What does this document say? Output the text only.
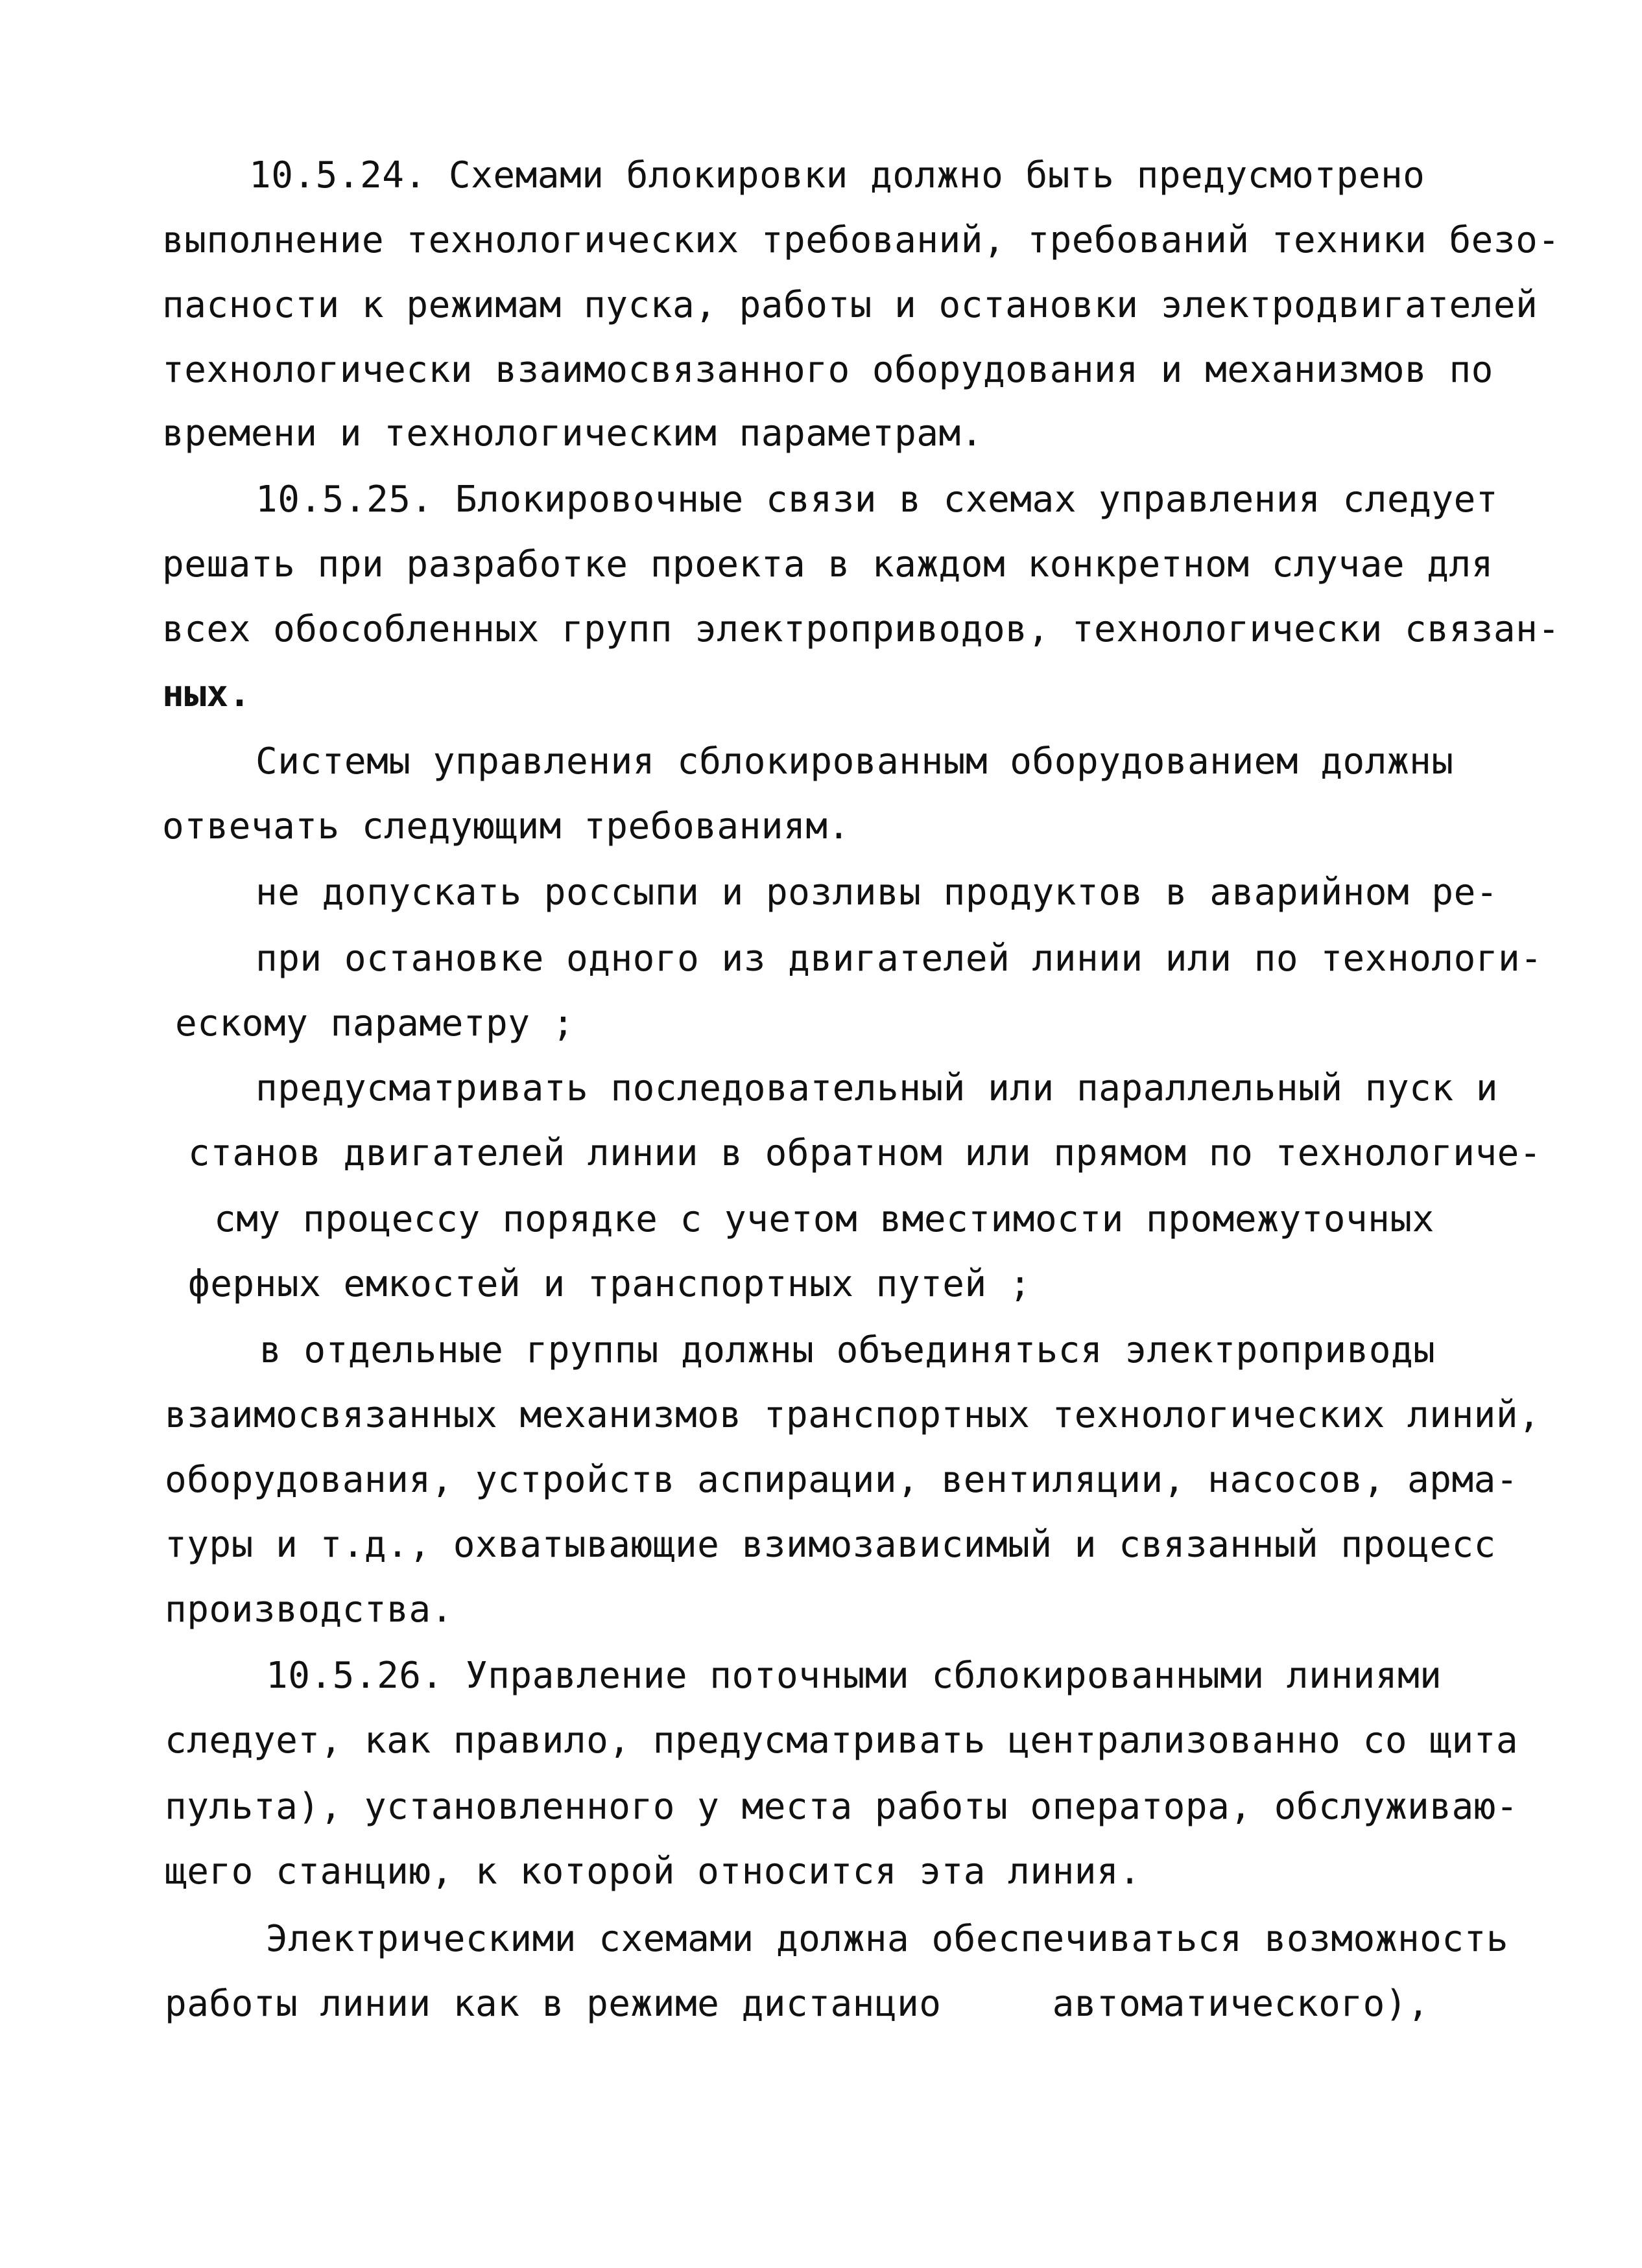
10.5.24. Схемами блокировки должно быть предусмотрено
выполнение технологических требований, требований техники безо-
пасности к режимам пуска, работы и остановки электродвигателей
технологически взаимосвязанного оборудования и механизмов по
времени и технологическим параметрам.
10.5.25. Блокировочные связи в схемах управления следует
решать при разработке проекта в каждом конкретном случае для
всех обособленных групп электроприводов, технологически связан-
ных.
Системы управления сблокированным оборудованием должны
отвечать следующим требованиям.
не допускать россыпи и розливы продуктов в аварийном ре-
при остановке одного из двигателей линии или по технологи-
ескому параметру ;
предусматривать последовательный или параллельный пуск и
станов двигателей линии в обратном или прямом по технологиче-
сму процессу порядке с учетом вместимости промежуточных
ферных емкостей и транспортных путей ;
в отдельные группы должны объединяться электроприводы
взаимосвязанных механизмов транспортных технологических линий,
оборудования, устройств аспирации, вентиляции, насосов, арма-
туры и т.д., охватывающие взимозависимый и связанный процесс
производства.
10.5.26. Управление поточными сблокированными линиями
следует, как правило, предусматривать централизованно со щита
пульта), установленного у места работы оператора, обслуживаю-
щего станцию, к которой относится эта линия.
Электрическими схемами должна обеспечиваться возможность
работы линии как в режиме дистанцио     автоматического),
